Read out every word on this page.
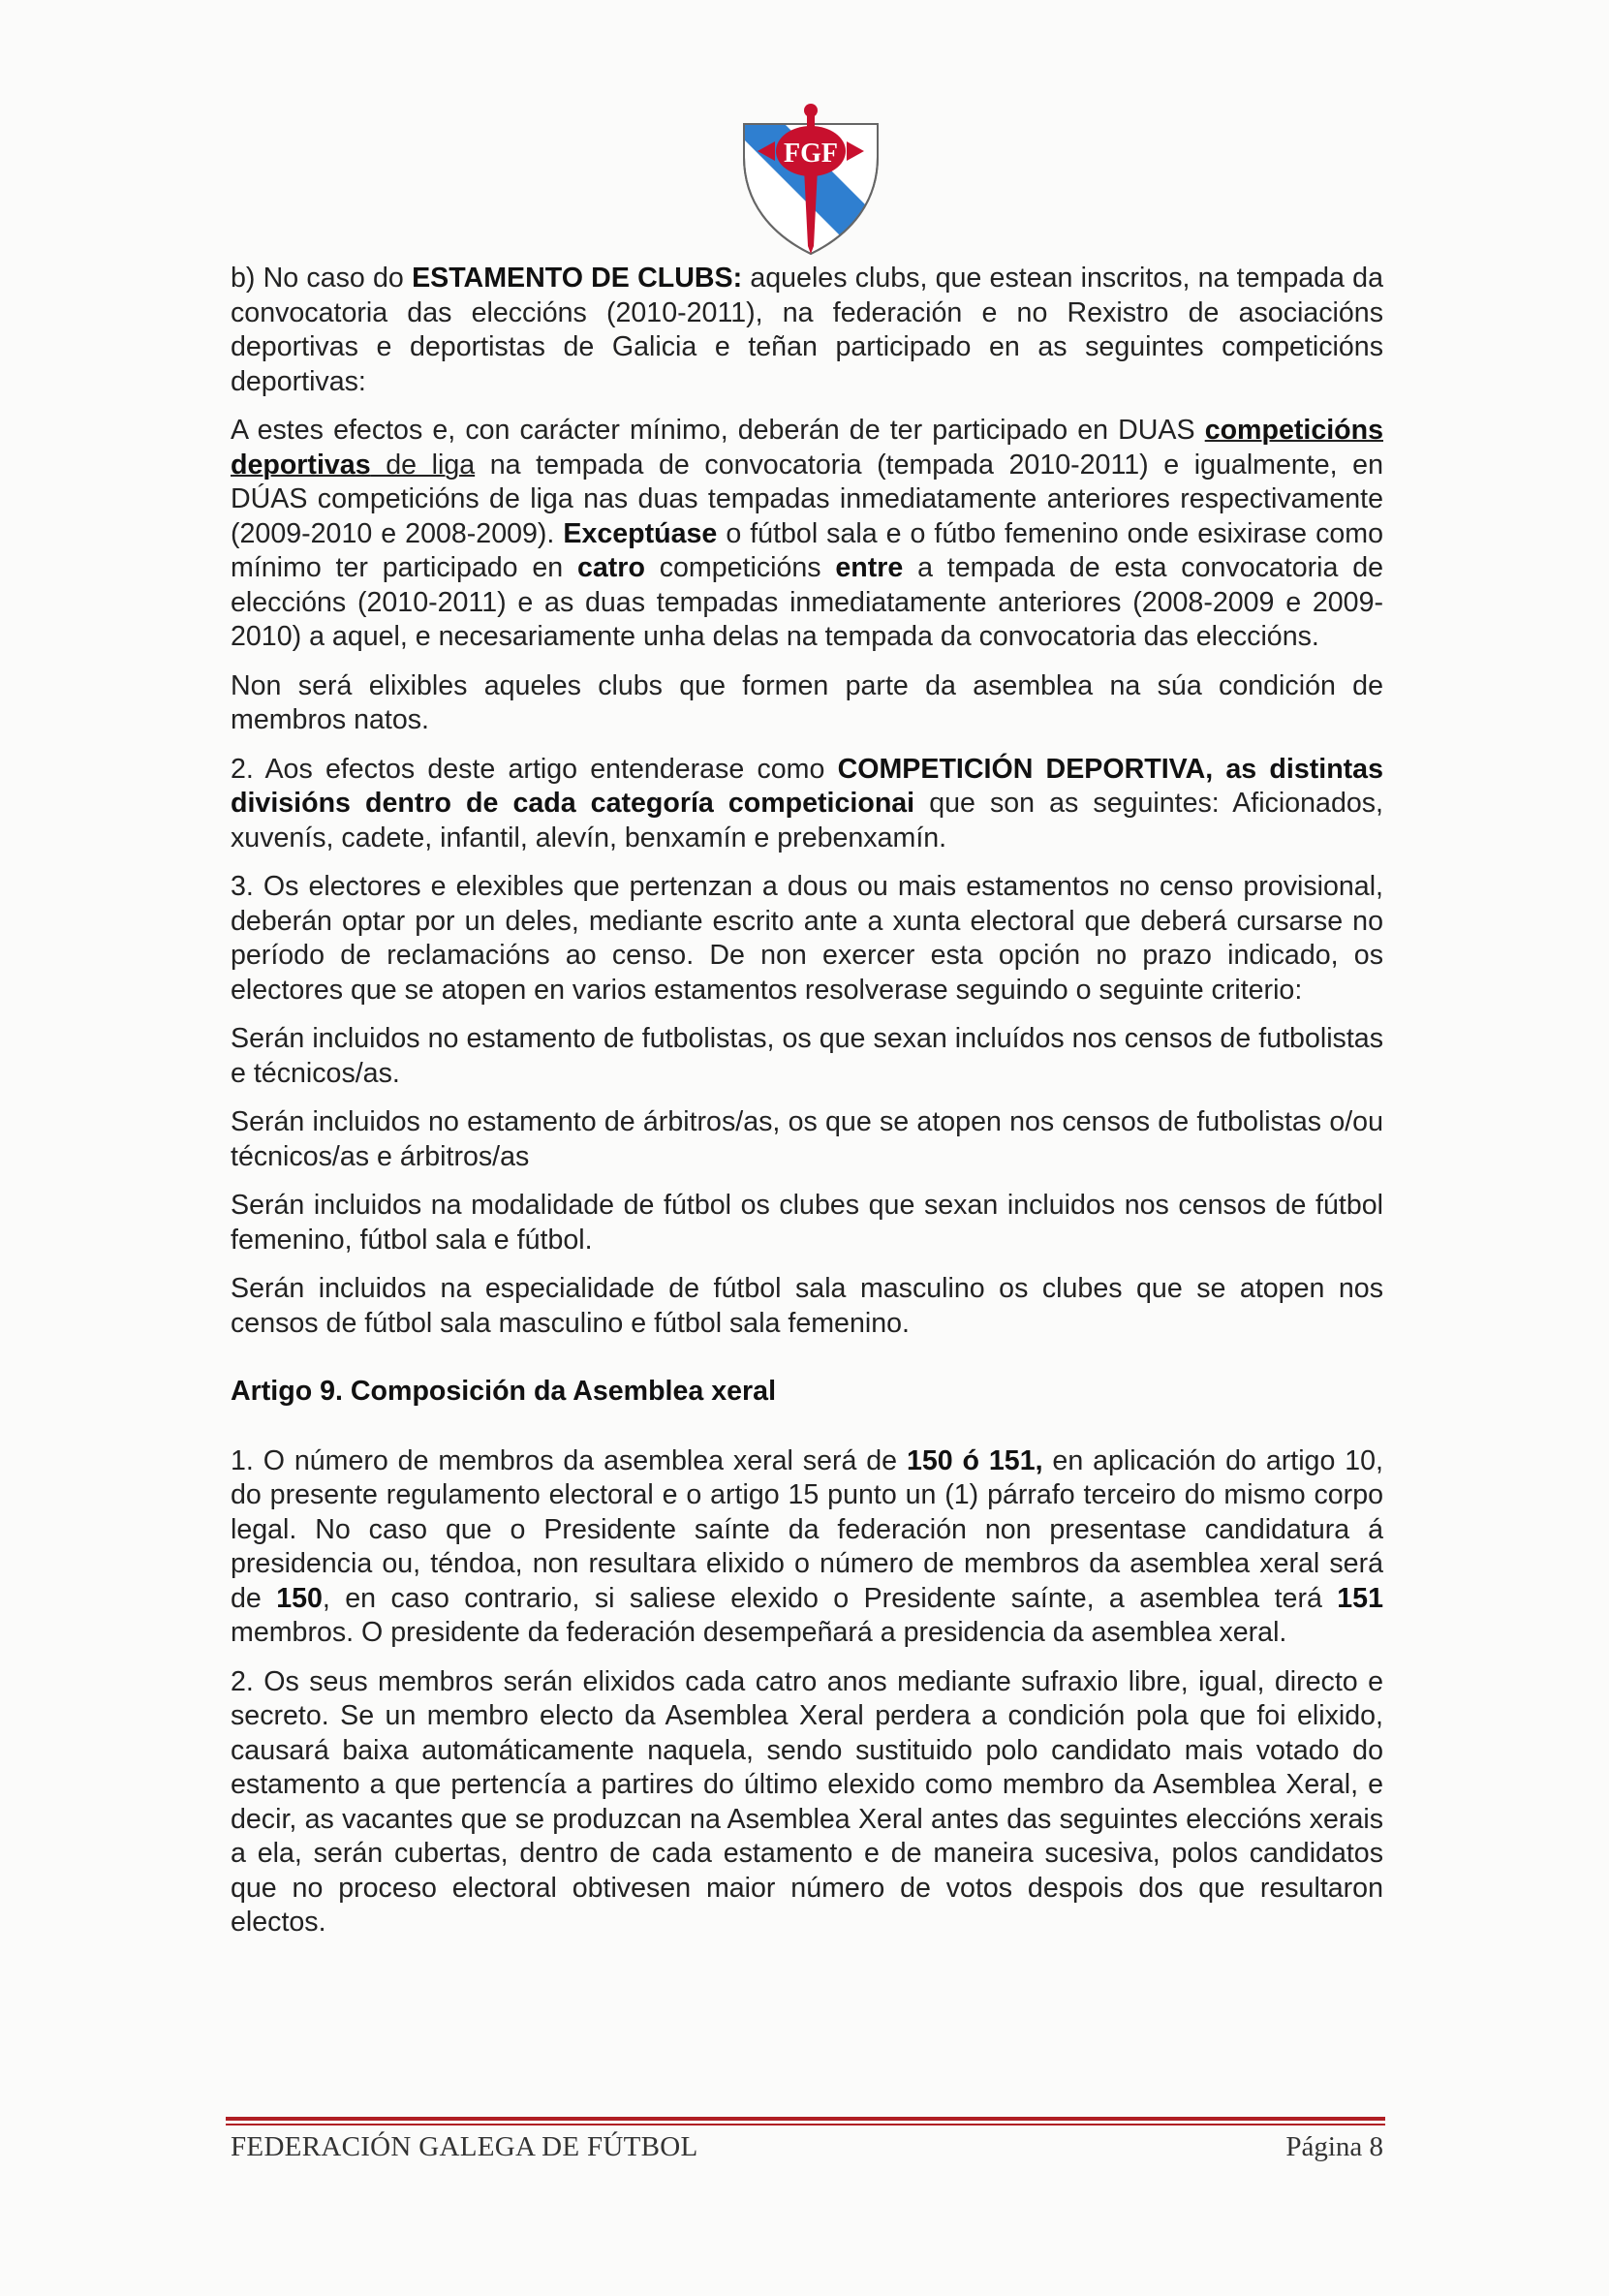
FGF

b) No caso do ESTAMENTO DE CLUBS: aqueles clubs, que estean inscritos, na tempada da convocatoria das eleccións (2010-2011), na federación e no Rexistro de asociacións deportivas e deportistas de Galicia e teñan participado en as seguintes competicións deportivas:

A estes efectos e, con carácter mínimo, deberán de ter participado en DUAS competicións deportivas de liga na tempada de convocatoria (tempada 2010-2011) e igualmente, en DÚAS competicións de liga nas duas tempadas inmediatamente anteriores respectivamente (2009-2010 e 2008-2009). Exceptúase o fútbol sala e o fútbo femenino onde esixirase como mínimo ter participado en catro competicións entre a tempada de esta convocatoria de eleccións (2010-2011) e as duas tempadas inmediatamente anteriores (2008-2009 e 2009-2010) a aquel, e necesariamente unha delas na tempada da convocatoria das eleccións.

Non será elixibles aqueles clubs que formen parte da asemblea na súa condición de membros natos.

2. Aos efectos deste artigo entenderase como COMPETICIÓN DEPORTIVA, as distintas divisións dentro de cada categoría competicionai que son as seguintes: Aficionados, xuvenís, cadete, infantil, alevín, benxamín e prebenxamín.

3. Os electores e elexibles que pertenzan a dous ou mais estamentos no censo provisional, deberán optar por un deles, mediante escrito ante a xunta electoral que deberá cursarse no período de reclamacións ao censo. De non exercer esta opción no prazo indicado, os electores que se atopen en varios estamentos resolverase seguindo o seguinte criterio:

Serán incluidos no estamento de futbolistas, os que sexan incluídos nos censos de futbolistas e técnicos/as.

Serán incluidos no estamento de árbitros/as, os que se atopen nos censos de futbolistas o/ou técnicos/as e árbitros/as

Serán incluidos na modalidade de fútbol os clubes que sexan incluidos nos censos de fútbol femenino, fútbol sala e fútbol.

Serán incluidos na especialidade de fútbol sala masculino os clubes que se atopen nos censos de fútbol sala masculino e fútbol sala femenino.

Artigo 9. Composición da Asemblea xeral

1. O número de membros da asemblea xeral será de 150 ó 151, en aplicación do artigo 10, do presente regulamento electoral e o artigo 15 punto un (1) párrafo terceiro do mismo corpo legal. No caso que o Presidente saínte da federación non presentase candidatura á presidencia ou, téndoa, non resultara elixido o número de membros da asemblea xeral será de 150, en caso contrario, si saliese elexido o Presidente saínte, a asemblea terá 151 membros. O presidente da federación desempeñará a presidencia da asemblea xeral.

2. Os seus membros serán elixidos cada catro anos mediante sufraxio libre, igual, directo e secreto. Se un membro electo da Asemblea Xeral perdera a condición pola que foi elixido, causará baixa automáticamente naquela, sendo sustituido polo candidato mais votado do estamento a que pertencía a partires do último elexido como membro da Asemblea Xeral, e decir, as vacantes que se produzcan na Asemblea Xeral antes das seguintes eleccións xerais a ela, serán cubertas, dentro de cada estamento e de maneira sucesiva, polos candidatos que no proceso electoral obtivesen maior número de votos despois dos que resultaron electos.

FEDERACIÓN GALEGA DE FÚTBOL	Página 8
